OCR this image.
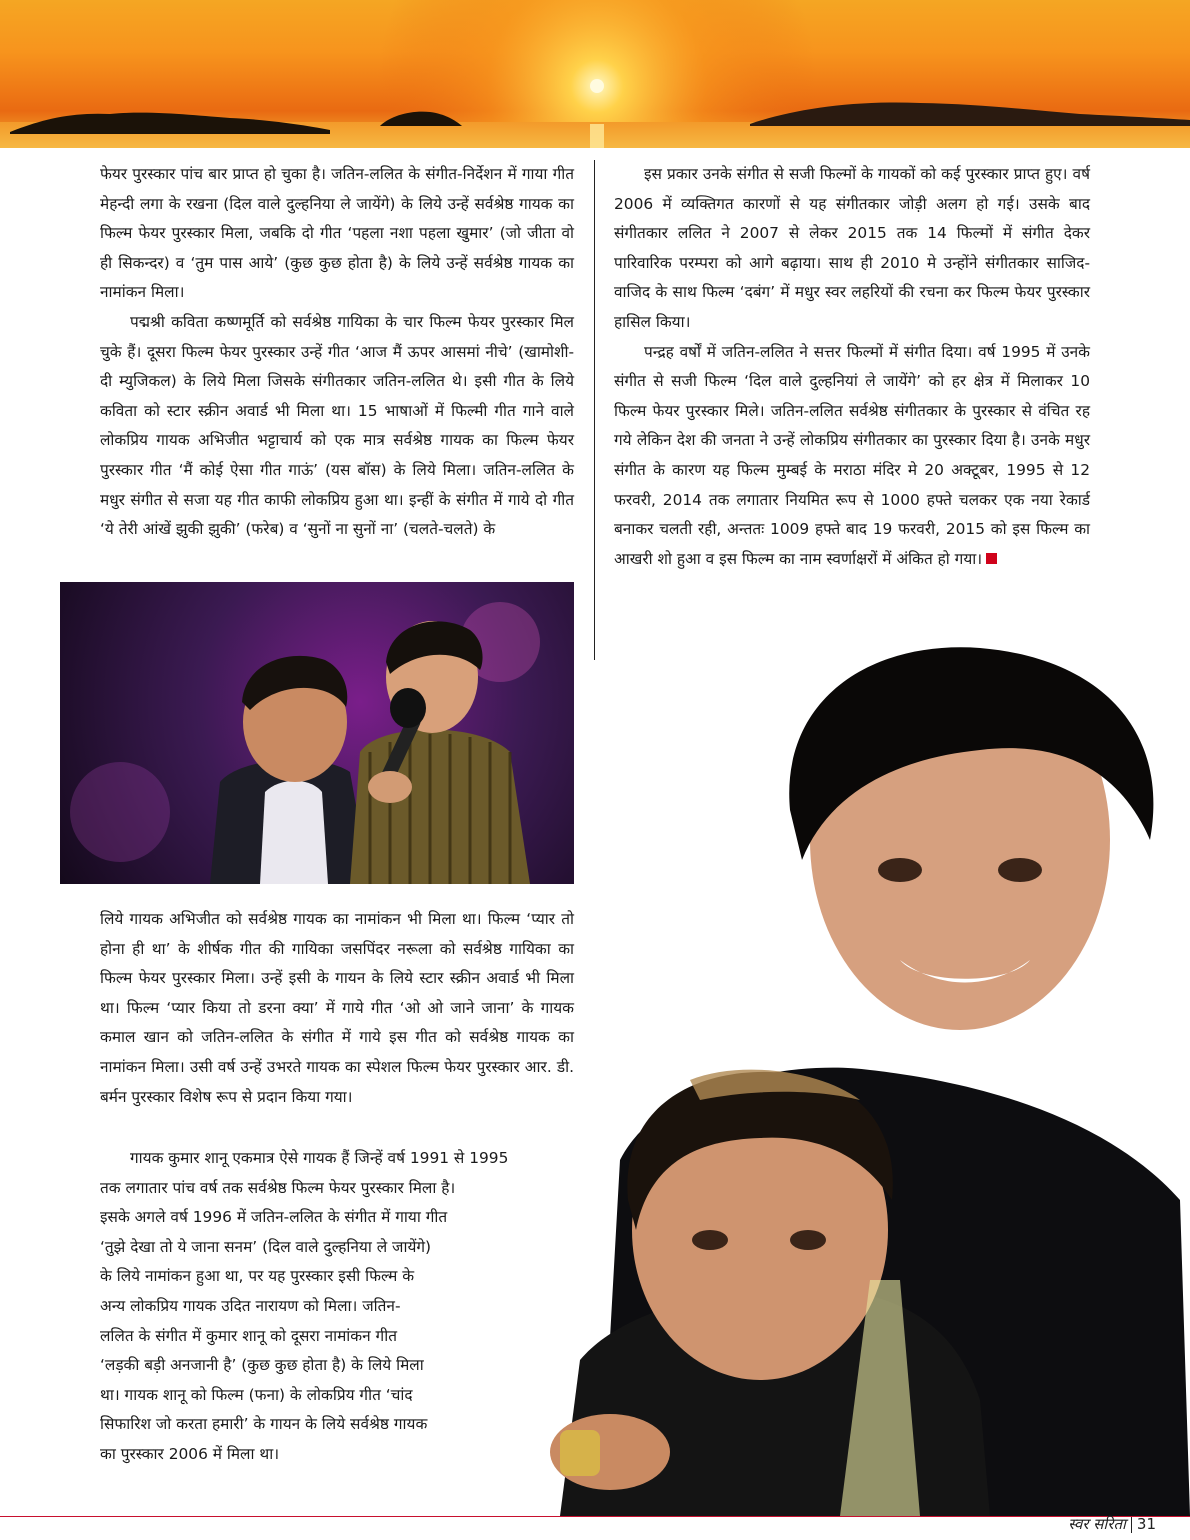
फेयर पुरस्कार पांच बार प्राप्त हो चुका है। जतिन-ललित के संगीत-निर्देशन में गाया गीत मेहन्दी लगा के रखना (दिल वाले दुल्हनिया ले जायेंगे) के लिये उन्हें सर्वश्रेष्ठ गायक का फिल्म फेयर पुरस्कार मिला, जबकि दो गीत ‘पहला नशा पहला खुमार’ (जो जीता वो ही सिकन्दर) व ‘तुम पास आये’ (कुछ कुछ होता है) के लिये उन्हें सर्वश्रेष्ठ गायक का नामांकन मिला।

पद्मश्री कविता कष्णमूर्ति को सर्वश्रेष्ठ गायिका के चार फिल्म फेयर पुरस्कार मिल चुके हैं। दूसरा फिल्म फेयर पुरस्कार उन्हें गीत ‘आज मैं ऊपर आसमां नीचे’ (खामोशी-दी म्युजिकल) के लिये मिला जिसके संगीतकार जतिन-ललित थे। इसी गीत के लिये कविता को स्टार स्क्रीन अवार्ड भी मिला था। 15 भाषाओं में फिल्मी गीत गाने वाले लोकप्रिय गायक अभिजीत भट्टाचार्य को एक मात्र सर्वश्रेष्ठ गायक का फिल्म फेयर पुरस्कार गीत ‘मैं कोई ऐसा गीत गाऊं’ (यस बॉस) के लिये मिला। जतिन-ललित के मधुर संगीत से सजा यह गीत काफी लोकप्रिय हुआ था। इन्हीं के संगीत में गाये दो गीत ‘ये तेरी आंखें झुकी झुकी’ (फरेब) व ‘सुनों ना सुनों ना’ (चलते-चलते) के

इस प्रकार उनके संगीत से सजी फिल्मों के गायकों को कई पुरस्कार प्राप्त हुए। वर्ष 2006 में व्यक्तिगत कारणों से यह संगीतकार जोड़ी अलग हो गई। उसके बाद संगीतकार ललित ने 2007 से लेकर 2015 तक 14 फिल्मों में संगीत देकर पारिवारिक परम्परा को आगे बढ़ाया। साथ ही 2010 मे उन्होंने संगीतकार साजिद-वाजिद के साथ फिल्म ‘दबंग’ में मधुर स्वर लहरियों की रचना कर फिल्म फेयर पुरस्कार हासिल किया।

पन्द्रह वर्षों में जतिन-ललित ने सत्तर फिल्मों में संगीत दिया। वर्ष 1995 में उनके संगीत से सजी फिल्म ‘दिल वाले दुल्हनियां ले जायेंगे’ को हर क्षेत्र में मिलाकर 10 फिल्म फेयर पुरस्कार मिले। जतिन-ललित सर्वश्रेष्ठ संगीतकार के पुरस्कार से वंचित रह गये लेकिन देश की जनता ने उन्हें लोकप्रिय संगीतकार का पुरस्कार दिया है। उनके मधुर संगीत के कारण यह फिल्म मुम्बई के मराठा मंदिर मे 20 अक्टूबर, 1995 से 12 फरवरी, 2014 तक लगातार नियमित रूप से 1000 हफ्ते चलकर एक नया रेकार्ड बनाकर चलती रही, अन्ततः 1009 हफ्ते बाद 19 फरवरी, 2015 को इस फिल्म का आखरी शो हुआ व इस फिल्म का नाम स्वर्णाक्षरों में अंकित हो गया।

लिये गायक अभिजीत को सर्वश्रेष्ठ गायक का नामांकन भी मिला था। फिल्म ‘प्यार तो होना ही था’ के शीर्षक गीत की गायिका जसपिंदर नरूला को सर्वश्रेष्ठ गायिका का फिल्म फेयर पुरस्कार मिला। उन्हें इसी के गायन के लिये स्टार स्क्रीन अवार्ड भी मिला था। फिल्म ‘प्यार किया तो डरना क्या’ में गाये गीत ‘ओ ओ जाने जाना’ के गायक कमाल खान को जतिन-ललित के संगीत में गाये इस गीत को सर्वश्रेष्ठ गायक का नामांकन मिला। उसी वर्ष उन्हें उभरते गायक का स्पेशल फिल्म फेयर पुरस्कार आर. डी. बर्मन पुरस्कार विशेष रूप से प्रदान किया गया।

गायक कुमार शानू एकमात्र ऐसे गायक हैं जिन्हें वर्ष 1991 से 1995
तक लगातार पांच वर्ष तक सर्वश्रेष्ठ फिल्म फेयर पुरस्कार मिला है।
इसके अगले वर्ष 1996 में जतिन-ललित के संगीत में गाया गीत
‘तुझे देखा तो ये जाना सनम’ (दिल वाले दुल्हनिया ले जायेंगे)
के लिये नामांकन हुआ था, पर यह पुरस्कार इसी फिल्म के
अन्य लोकप्रिय गायक उदित नारायण को मिला। जतिन-
ललित के संगीत में कुमार शानू को दूसरा नामांकन गीत
‘लड़की बड़ी अनजानी है’ (कुछ कुछ होता है) के लिये मिला
था। गायक शानू को फिल्म (फना) के लोकप्रिय गीत ‘चांद
सिफारिश जो करता हमारी’ के गायन के लिये सर्वश्रेष्ठ गायक
का पुरस्कार 2006 में मिला था।
स्वर सरिता 31
